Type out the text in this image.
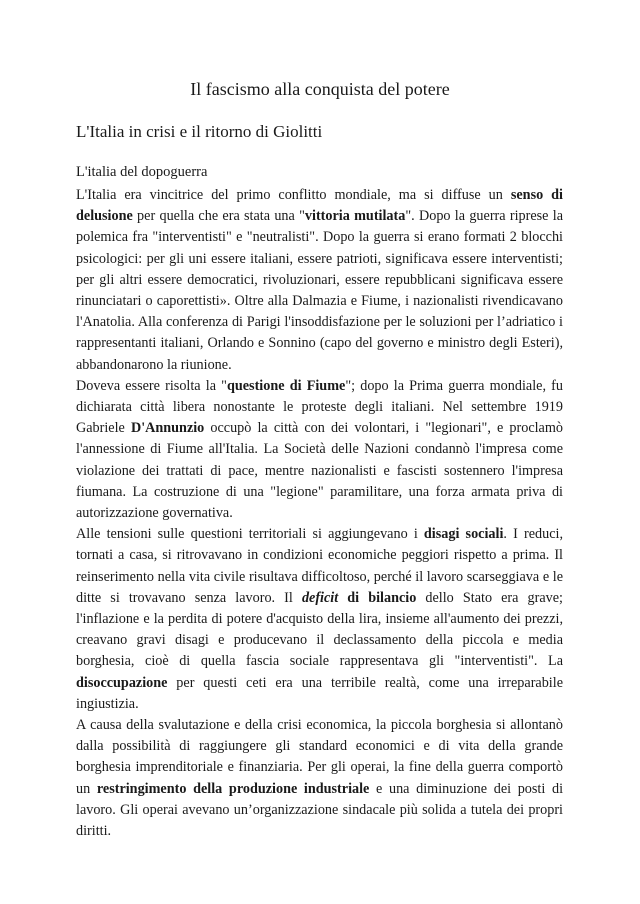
Il fascismo alla conquista del potere
L'Italia in crisi e il ritorno di Giolitti
L'italia del dopoguerra

L'Italia era vincitrice del primo conflitto mondiale, ma si diffuse un senso di delusione per quella che era stata una "vittoria mutilata". Dopo la guerra riprese la polemica fra "interventisti" e "neutralisti". Dopo la guerra si erano formati 2 blocchi psicologici: per gli uni essere italiani, essere patrioti, significava essere interventisti; per gli altri essere democratici, rivoluzionari, essere repubblicani significava essere rinunciatari o caporettisti». Oltre alla Dalmazia e Fiume, i nazionalisti rivendicavano l'Anatolia. Alla conferenza di Parigi l'insoddisfazione per le soluzioni per l’adriatico i rappresentanti italiani, Orlando e Sonnino (capo del governo e ministro degli Esteri), abbandonarono la riunione.

Doveva essere risolta la "questione di Fiume"; dopo la Prima guerra mondiale, fu dichiarata città libera nonostante le proteste degli italiani. Nel settembre 1919 Gabriele D'Annunzio occupò la città con dei volontari, i "legionari", e proclamò l'annessione di Fiume all'Italia. La Società delle Nazioni condannò l'impresa come violazione dei trattati di pace, mentre nazionalisti e fascisti sostennero l'impresa fiumana. La costruzione di una "legione" paramilitare, una forza armata priva di autorizzazione governativa.

Alle tensioni sulle questioni territoriali si aggiungevano i disagi sociali. I reduci, tornati a casa, si ritrovavano in condizioni economiche peggiori rispetto a prima. Il reinserimento nella vita civile risultava difficoltoso, perché il lavoro scarseggiava e le ditte si trovavano senza lavoro. Il deficit di bilancio dello Stato era grave; l'inflazione e la perdita di potere d'acquisto della lira, insieme all'aumento dei prezzi, creavano gravi disagi e producevano il declassamento della piccola e media borghesia, cioè di quella fascia sociale rappresentava gli "interventisti". La disoccupazione per questi ceti era una terribile realtà, come una irreparabile ingiustizia.

A causa della svalutazione e della crisi economica, la piccola borghesia si allontanò dalla possibilità di raggiungere gli standard economici e di vita della grande borghesia imprenditoriale e finanziaria. Per gli operai, la fine della guerra comportò un restringimento della produzione industriale e una diminuzione dei posti di lavoro. Gli operai avevano un’organizzazione sindacale più solida a tutela dei propri diritti.
